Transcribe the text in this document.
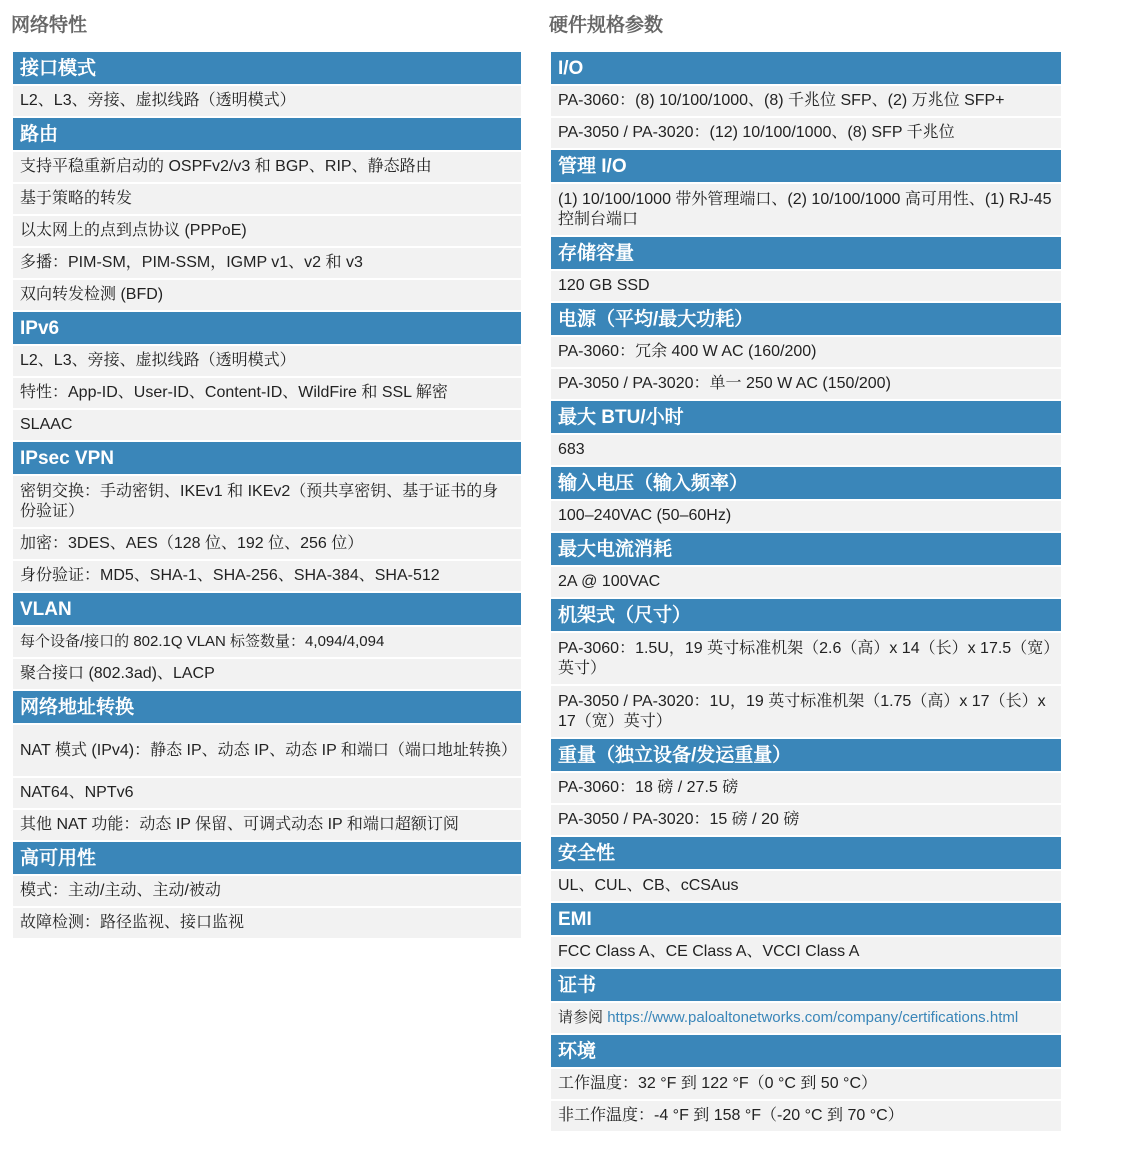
网络特性
接口模式
L2、L3、旁接、虚拟线路（透明模式）
路由
支持平稳重新启动的 OSPFv2/v3 和 BGP、RIP、静态路由
基于策略的转发
以太网上的点到点协议 (PPPoE)
多播：PIM-SM，PIM-SSM，IGMP v1、v2 和 v3
双向转发检测 (BFD)
IPv6
L2、L3、旁接、虚拟线路（透明模式）
特性：App-ID、User-ID、Content-ID、WildFire 和 SSL 解密
SLAAC
IPsec VPN
密钥交换：手动密钥、IKEv1 和 IKEv2（预共享密钥、基于证书的身份验证）
加密：3DES、AES（128 位、192 位、256 位）
身份验证：MD5、SHA-1、SHA-256、SHA-384、SHA-512
VLAN
每个设备/接口的 802.1Q VLAN 标签数量：4,094/4,094
聚合接口 (802.3ad)、LACP
网络地址转换
NAT 模式 (IPv4)：静态 IP、动态 IP、动态 IP 和端口（端口地址转换）
NAT64、NPTv6
其他 NAT 功能：动态 IP 保留、可调式动态 IP 和端口超额订阅
高可用性
模式：主动/主动、主动/被动
故障检测：路径监视、接口监视
硬件规格参数
I/O
PA-3060：(8) 10/100/1000、(8) 千兆位 SFP、(2) 万兆位 SFP+
PA-3050 / PA-3020：(12) 10/100/1000、(8) SFP 千兆位
管理 I/O
(1) 10/100/1000 带外管理端口、(2) 10/100/1000 高可用性、(1) RJ-45 控制台端口
存储容量
120 GB SSD
电源（平均/最大功耗）
PA-3060：冗余 400 W AC (160/200)
PA-3050 / PA-3020：单一 250 W AC (150/200)
最大 BTU/小时
683
输入电压（输入频率）
100–240VAC (50–60Hz)
最大电流消耗
2A @ 100VAC
机架式（尺寸）
PA-3060：1.5U，19 英寸标准机架（2.6（高）x 14（长）x 17.5（宽）英寸）
PA-3050 / PA-3020：1U，19 英寸标准机架（1.75（高）x 17（长）x 17（宽）英寸）
重量（独立设备/发运重量）
PA-3060：18 磅 / 27.5 磅
PA-3050 / PA-3020：15 磅 / 20 磅
安全性
UL、CUL、CB、cCSAus
EMI
FCC Class A、CE Class A、VCCI Class A
证书
请参阅
https://www.paloaltonetworks.com/company/certifications.html
环境
工作温度：32 °F 到 122 °F（0 °C 到 50 °C）
非工作温度：-4 °F 到 158 °F（-20 °C 到 70 °C）
